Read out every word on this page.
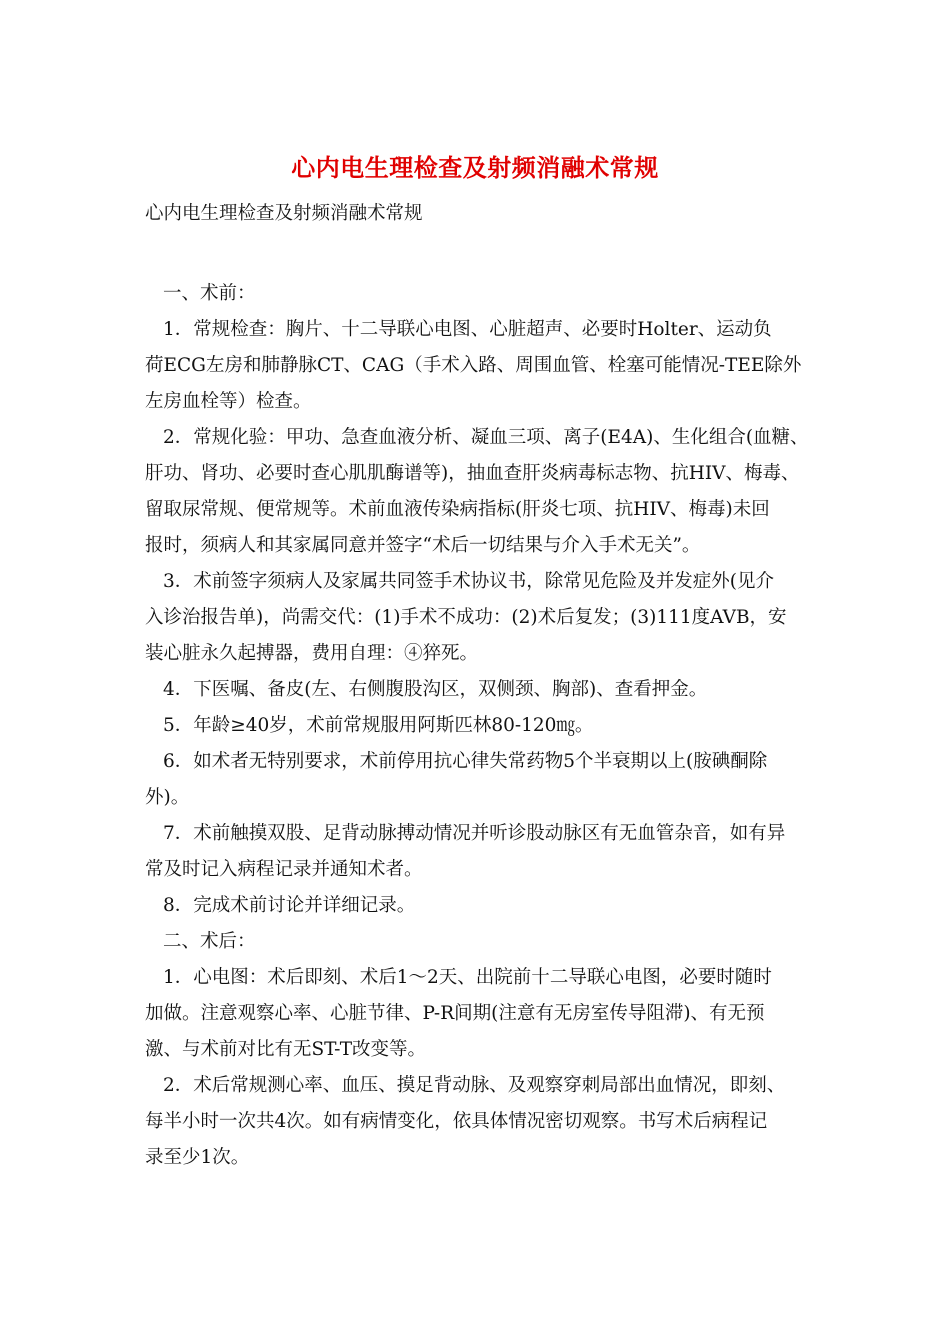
心内电生理检查及射频消融术常规
心内电生理检查及射频消融术常规
一、术前：
1．常规检查：胸片、十二导联心电图、心脏超声、必要时Holter、运动负
荷ECG左房和肺静脉CT、CAG（手术入路、周围血管、栓塞可能情况-TEE除外
左房血栓等）检查。
2．常规化验：甲功、急查血液分析、凝血三项、离子(E4A)、生化组合(血糖、
肝功、肾功、必要时查心肌肌酶谱等)，抽血查肝炎病毒标志物、抗HIV、梅毒、
留取尿常规、便常规等。术前血液传染病指标(肝炎七项、抗HIV、梅毒)未回
报时，须病人和其家属同意并签字“术后一切结果与介入手术无关”。
3．术前签字须病人及家属共同签手术协议书，除常见危险及并发症外(见介
入诊治报告单)，尚需交代：(1)手术不成功：(2)术后复发；(3)111度AVB，安
装心脏永久起搏器，费用自理：④猝死。
4．下医嘱、备皮(左、右侧腹股沟区，双侧颈、胸部)、查看押金。
5．年龄≥40岁，术前常规服用阿斯匹林80-120㎎。
6．如术者无特别要求，术前停用抗心律失常药物5个半衰期以上(胺碘酮除
外)。
7．术前触摸双股、足背动脉搏动情况并听诊股动脉区有无血管杂音，如有异
常及时记入病程记录并通知术者。
8．完成术前讨论并详细记录。
二、术后：
1．心电图：术后即刻、术后1～2天、出院前十二导联心电图，必要时随时
加做。注意观察心率、心脏节律、P-R间期(注意有无房室传导阻滞)、有无预
激、与术前对比有无ST-T改变等。
2．术后常规测心率、血压、摸足背动脉、及观察穿刺局部出血情况，即刻、
每半小时一次共4次。如有病情变化，依具体情况密切观察。书写术后病程记
录至少1次。
